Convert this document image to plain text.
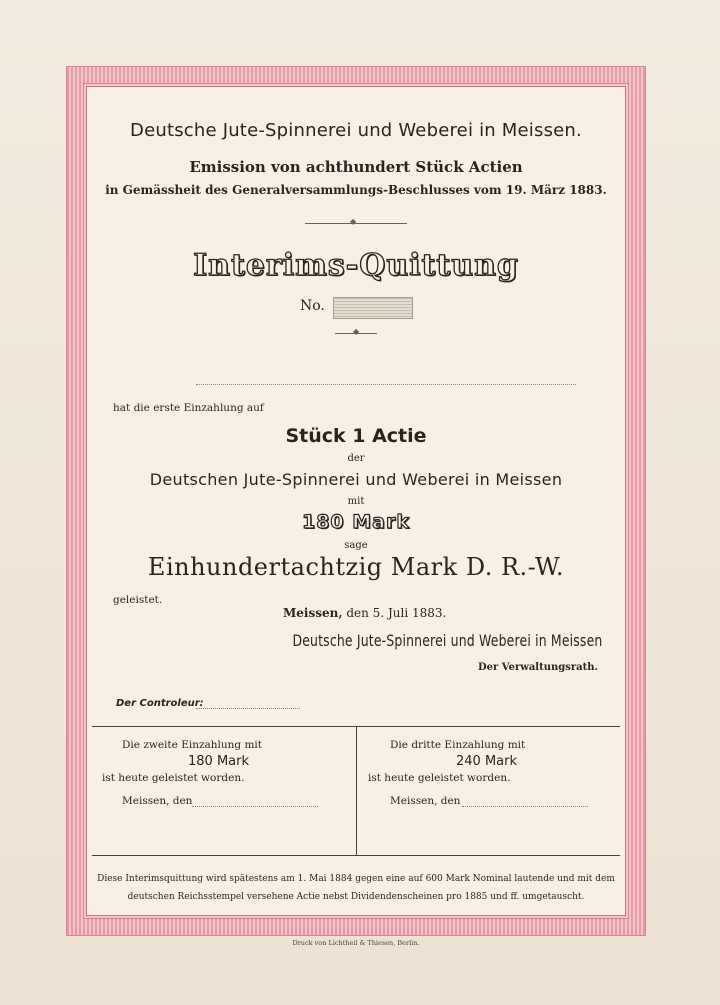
Deutsche Jute-Spinnerei und Weberei in Meissen.
Emission von achthundert Stück Actien
in Gemässheit des Generalversammlungs-Beschlusses vom 19. März 1883.
◆
Interims-Quittung
No.
◆
hat die erste Einzahlung auf
Stück 1 Actie
der
Deutschen Jute-Spinnerei und Weberei in Meissen
mit
180 Mark
sage
Einhundertachtzig Mark D. R.-W.
geleistet.
Meissen, den 5. Juli 1883.
Deutsche Jute-Spinnerei und Weberei in Meissen
Der Verwaltungsrath.
Der Controleur:
Die zweite Einzahlung mit
180 Mark
ist heute geleistet worden.
Meissen, den
Die dritte Einzahlung mit
240 Mark
ist heute geleistet worden.
Meissen, den
Diese Interimsquittung wird spätestens am 1. Mai 1884 gegen eine auf 600 Mark Nominal lautende und mit dem
deutschen Reichsstempel versehene Actie nebst Dividendenscheinen pro 1885 und ff. umgetauscht.
Druck von Lichtheil & Thiesen, Berlin.
